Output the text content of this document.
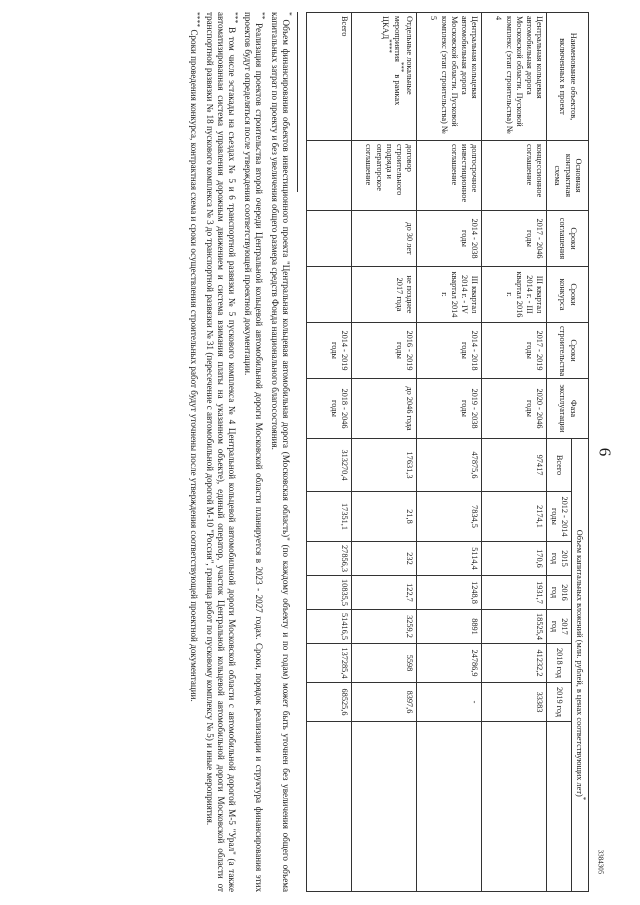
6
3384305
Наименование объектов, включенных в проект	Основная контрактная схема	Сроки соглашения	Сроки конкурса	Сроки строительства	Фаза эксплуатации	Объем капитальных вложений (млн. рублей, в ценах соответствующих лет)*
						Всего	2012 - 2014 годы	2015 год	2016 год	2017 год	2018 год	2019 год	
Центральная кольцевая автомобильная дорога Московской области. Пусковой комплекс (этап строительства) № 4	концессионное соглашение	2017 - 2046 годы	III квартал 2014 г. - III квартал 2016 г.	2017 - 2019 годы	2020 - 2046 годы	97417	2174,1	170,6	1931,7	18525,4	41232,2	33383	
Центральная кольцевая автомобильная дорога Московской области. Пусковой комплекс (этап строительства) № 5	долгосрочное инвестиционное соглашение	2014 - 2038 годы	III квартал 2014 г. - IV квартал 2014 г.	2014 - 2018 годы	2019 - 2038 годы	47875,6	7834,5	5114,4	1248,8	8891	24786,9	-	
Отдельные локальные мероприятия*** в рамках ЦКАД****	договор строительного подряда и операторское соглашение	до 30 лет	не позднее 2017 года	2016 - 2019 годы	до 2046 года	17631,3	21,8	232	122,7	3259,2	5598	8397,6	
Всего				2014 - 2019 годы	2018 - 2046 годы	313270,4	17351,1	27856,3	10835,5	51416,5	137285,4	68525,6	

* Объем финансирования объектов инвестиционного проекта "Центральная кольцевая автомобильная дорога (Московская область)" (по каждому объекту и по годам) может быть уточнен без увеличения общего объема капитальных затрат по проекту и без увеличения общего размера средств Фонда национального благосостояния.

** Реализация проектов строительства второй очереди Центральной кольцевой автомобильной дороги Московской области планируется в 2023 - 2027 годах. Сроки, порядок реализации и структура финансирования этих проектов будут определяться после утверждения соответствующей проектной документации.

*** В том числе эстакады на съездах № 5 и 6 транспортной развязки № 5 пускового комплекса № 4 Центральной кольцевой автомобильной дороги Московской области с автомобильной дорогой М-5 "Урал" (а также автоматизированная система управления дорожным движением и система взимания платы на указанном объекте), единый оператор, участок Центральной кольцевой автомобильной дороги Московской области от транспортной развязки № 18 пускового комплекса № 3 до транспортной развязки № 31 (пересечение с автомобильной дорогой М-10 "Россия", граница работ по пусковому комплексу № 5) и иные мероприятия.

**** Сроки проведения конкурса, контрактная схема и сроки осуществления строительных работ будут уточнены после утверждения соответствующей проектной документации.
